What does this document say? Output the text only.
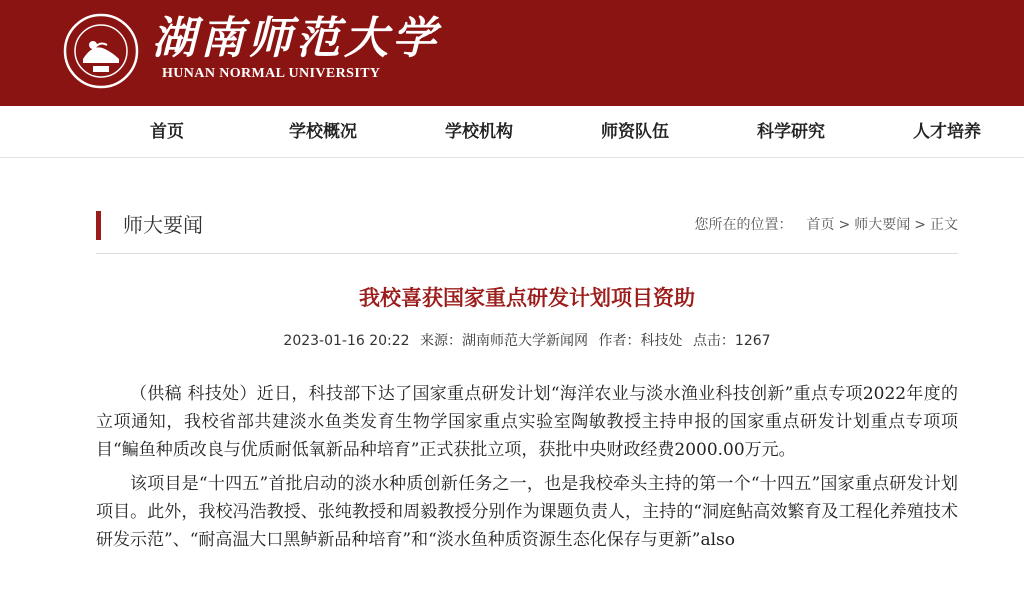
湖南师范大学
HUNAN NORMAL UNIVERSITY
首页	学校概况	学校机构	师资队伍	科学研究	人才培养
师大要闻	您所在的位置： 首页 > 师大要闻 > 正文
我校喜获国家重点研发计划项目资助
2023-01-16 20:22 来源：湖南师范大学新闻网 作者：科技处 点击：1267

（供稿 科技处）近日，科技部下达了国家重点研发计划“海洋农业与淡水渔业科技创新”重点专项2022年度的立项通知，我校省部共建淡水鱼类发育生物学国家重点实验室陶敏教授主持申报的国家重点研发计划重点专项项目“鳊鱼种质改良与优质耐低氧新品种培育”正式获批立项，获批中央财政经费2000.00万元。

该项目是“十四五”首批启动的淡水种质创新任务之一，也是我校牵头主持的第一个“十四五”国家重点研发计划项目。此外，我校冯浩教授、张纯教授和周毅教授分别作为课题负责人，主持的“洞庭鲇高效繁育及工程化养殖技术研发示范”、“耐高温大口黑鲈新品种培育”和“淡水鱼种质资源生态化保存与更新”also
